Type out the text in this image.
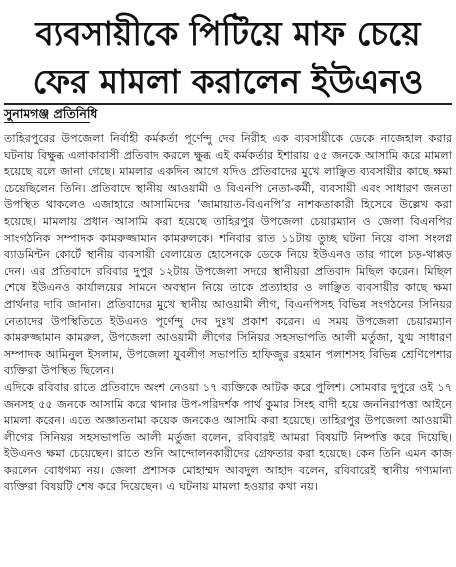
ব্যবসায়ীকে পিটিয়ে মাফ চেয়ে
ফের মামলা করালেন ইউএনও
সুনামগঞ্জ প্রতিনিধি

তাহিরপুরের উপজেলা নির্বাহী কর্মকর্তা পূর্ণেন্দু দেব নিরীহ এক ব্যবসায়ীকে ডেকে নাজেহাল করার ঘটনায় বিক্ষুব্ধ এলাকাবাসী প্রতিবাদ করলে ক্ষুব্ধ এই কর্মকর্তার ইশারায় ৫৫ জনকে আসামি করে মামলা হয়েছে বলে জানা গেছে। মামলার একদিন আগে যদিও প্রতিবাদের মুখে লাঞ্ছিত ব্যবসায়ীর কাছে ক্ষমা চেয়েছিলেন তিনি। প্রতিবাদে স্থানীয় আওয়ামী ও বিএনপি নেতা-কর্মী, ব্যবসায়ী এবং সাধারণ জনতা উপস্থিত থাকলেও এজাহারে আসামিদের ‘জামায়াত-বিএনপি’র নাশকতাকারী হিসেবে উল্লেখ করা হয়েছে। মামলায় প্রধান আসামি করা হয়েছে তাহিরপুর উপজেলা চেয়ারম্যান ও জেলা বিএনপির সাংগঠনিক সম্পাদক কামরুজ্জামান কামরুলকে। শনিবার রাত ১১টায় তুচ্ছ ঘটনা নিয়ে বাসা সংলগ্ন ব্যাডমিন্টন কোর্টে স্থানীয় ব্যবসায়ী বেলায়েত হোসেনকে ডেকে নিয়ে ইউএনও তার গালে চড়-থাপ্পড় দেন। এর প্রতিবাদে রবিবার দুপুর ১২টায় উপজেলা সদরে স্থানীয়রা প্রতিবাদ মিছিল করেন। মিছিল শেষে ইউএনও কার্যালয়ের সামনে অবস্থান নিয়ে তাকে প্রত্যাহার ও লাঞ্ছিত ব্যবসায়ীর কাছে ক্ষমা প্রার্থনার দাবি জানান। প্রতিবাদের মুখে স্থানীয় আওয়ামী লীগ, বিএনপিসহ বিভিন্ন সংগঠনের সিনিয়র নেতাদের উপস্থিতিতে ইউএনও পূর্ণেন্দু দেব দুঃখ প্রকাশ করেন। এ সময় উপজেলা চেয়ারম্যান কামরুজ্জামান কামরুল, উপজেলা আওয়ামী লীগের সিনিয়র সহসভাপতি আলী মর্তুজা, যুগ্ম সাধারণ সম্পাদক আমিনুল ইসলাম, উপজেলা যুবলীগ সভাপতি হাফিজুর রহমান পলাশসহ বিভিন্ন শ্রেণিপেশার ব্যক্তিরা উপস্থিত ছিলেন।

এদিকে রবিবার রাতে প্রতিবাদে অংশ নেওয়া ১৭ ব্যক্তিকে আটক করে পুলিশ। সোমবার দুপুরে ওই ১৭ জনসহ ৫৫ জনকে আসামি করে থানার উপ-পরিদর্শক পার্থ কুমার সিংহ বাদী হয়ে জননিরাপত্তা আইনে মামলা করেন। এতে অজ্ঞাতনামা কয়েক জনকেও আসামি করা হয়েছে। তাহিরপুর উপজেলা আওয়ামী লীগের সিনিয়র সহসভাপতি আলী মর্তুজা বলেন, রবিবারই আমরা বিষয়টি নিষ্পত্তি করে দিয়েছি। ইউএনও ক্ষমা চেয়েছেন। রাতে শুনি আন্দোলনকারীদের গ্রেফতার করা হয়েছে। কেন তিনি এমন কাজ করলেন বোধগম্য নয়। জেলা প্রশাসক মোহাম্মদ আবদুল আহাদ বলেন, রবিবারেই স্থানীয় গণ্যমান্য ব্যক্তিরা বিষয়টি শেষ করে দিয়েছেন। এ ঘটনায় মামলা হওয়ার কথা নয়।
